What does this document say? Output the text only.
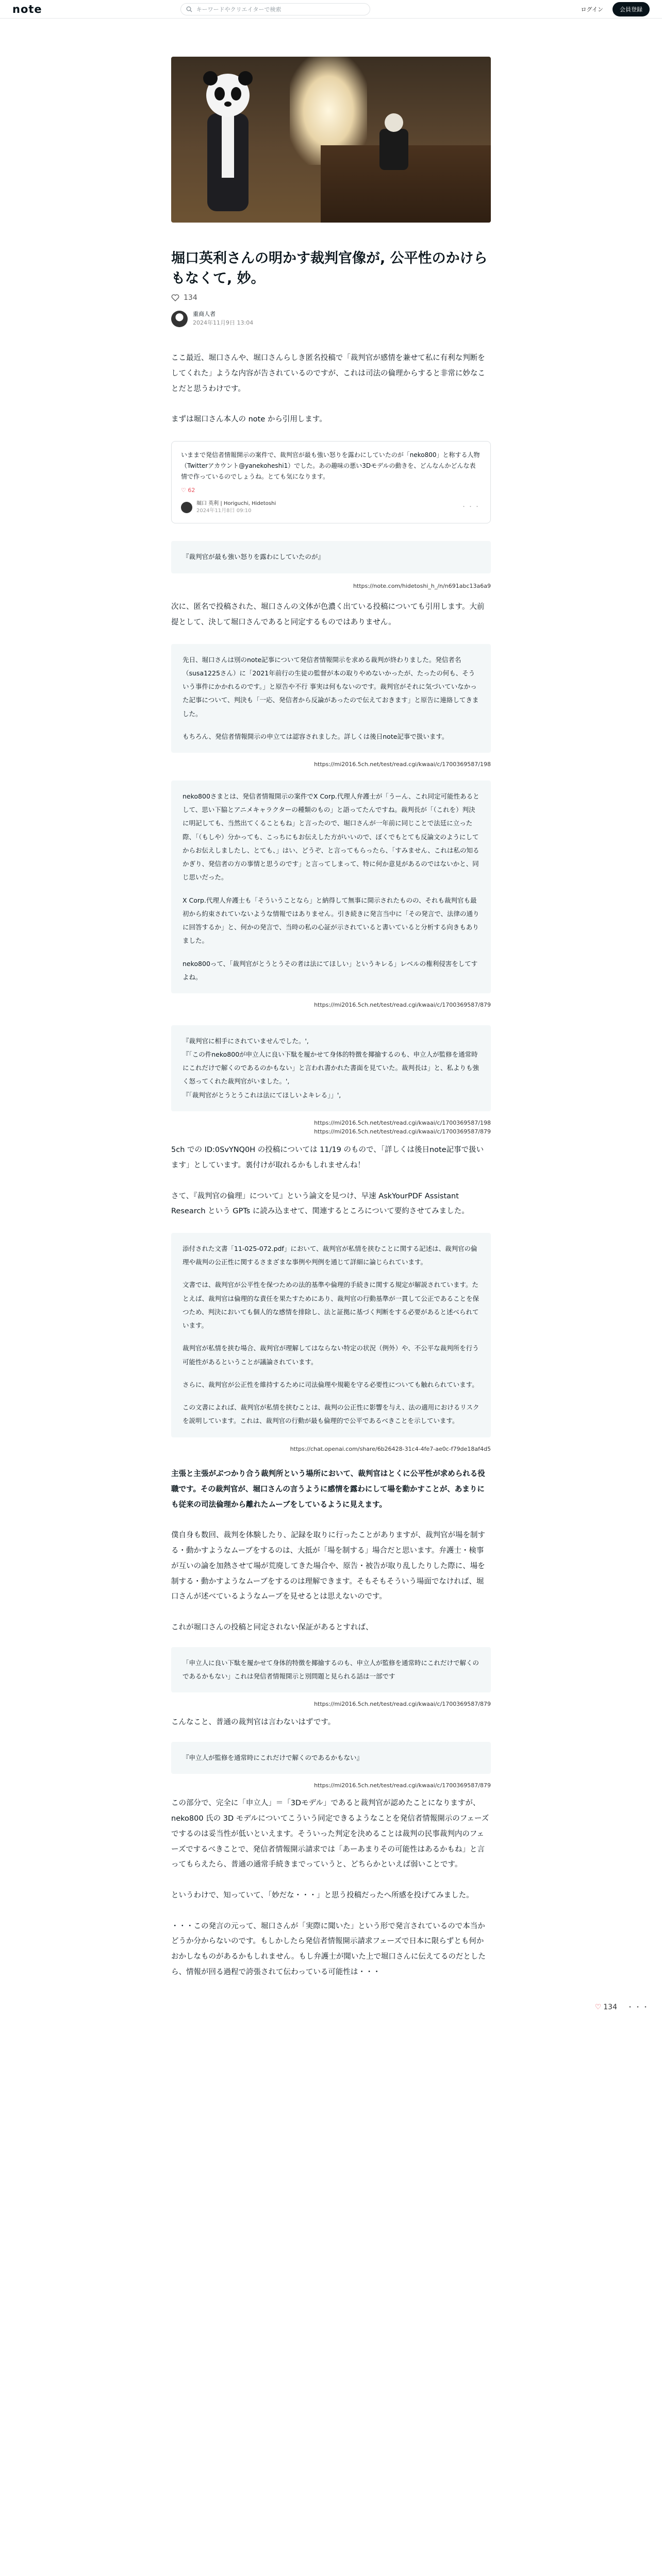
note	キーワードやクリエイターで検索	ログイン	会員登録
堀口英利さんの明かす裁判官像が, 公平性のかけらもなくて, 妙。
134
重商人者
2024年11月9日 13:04

ここ最近、堀口さんや、堀口さんらしき匿名投稿で「裁判官が感情を兼せて私に有利な判断をしてくれた」ような内容が告されているのですが、これは司法の倫理からすると非常に妙なことだと思うわけです。

まずは堀口さん本人の note から引用します。

いままで発信者情報開示の案件で、裁判官が最も強い怒りを露わにしていたのが「neko800」と称する人物（Twitterアカウント@yanekoheshi1）でした。あの趣味の悪い3Dモデルの動きを、どんなんかどんな表情で作っているのでしょうね。とても気になります。
♡ 62
堀口 英利 | Horiguchi, Hidetoshi
2024年11月8日 09:10
・・・

『裁判官が最も強い怒りを露わにしていたのが』

https://note.com/hidetoshi_h_/n/n691abc13a6a9

次に、匿名で投稿された、堀口さんの文体が色濃く出ている投稿についても引用します。大前提として、決して堀口さんであると同定するものではありません。

先日、堀口さんは別のnote記事について発信者情報開示を求める裁判が終わりました。発信者名（susa1225さん）に「2021年前行の生徒の監督が本の取りやめないかったが、たったの何も、そういう事件にかかれるのです。」と原告や不行 事実は何もないのです。裁判官がそれに気づいていなかった記事について、判決も「一応、発信者から反論があったので伝えておきます」と原告に連絡してきました。

もちろん、発信者情報開示の申立ては認容されました。詳しくは後日note記事で扱います。

https://mi2016.5ch.net/test/read.cgi/kwaai/c/1700369587/198

neko800さまとは、発信者情報開示の案件でX Corp.代理人弁護士が「うーん、これ同定可能性あるとして、思い下脇とアニメキャラクターの種類のもの」と語ってたんですね。裁判長が「（これを）判決に明記しても、当然出てくることもね」と言ったので、堀口さんが一年前に同じことで法廷に立った際、「（もしや）分かっても、こっちにもお伝えした方がいいので、ぼくでもとても反論文のようにしてからお伝えしましたし、とても、」はい、どうぞ、と言ってもらったら、「すみません、これは私の知るかぎり、発信者の方の事情と思うのです」と言ってしまって、特に何か意見があるのではないかと、同じ思いだった。

X Corp.代理人弁護士も「そういうことなら」と納得して無事に開示されたものの、それも裁判官も最初から約束されていないような情報ではありません。引き続きに発言当中に「その発言で、法律の通りに回答するか」と、何かの発言で、当時の私の心証が示されていると書いていると分析する向きもありました。

neko800って、「裁判官がとうとうその者は法にてほしい」というキレる」レベルの権利侵害をしてすよね。

https://mi2016.5ch.net/test/read.cgi/kwaai/c/1700369587/879

『裁判官に相手にされていませんでした。',

『「この件neko800が申立人に良い下駄を履かせて身体的特徴を揶揄するのも、申立人が監修を通常時にこれだけで解くのであるのかもない」と言われ書かれた書面を見ていた。裁判長は」と、私よりも強く怒ってくれた裁判官がいました。',

『「裁判官がとうとうこれは法にてほしいよキレる」」',

https://mi2016.5ch.net/test/read.cgi/kwaai/c/1700369587/198
https://mi2016.5ch.net/test/read.cgi/kwaai/c/1700369587/879

5ch での ID:0SvYNQ0H の投稿については 11/19 のもので、「詳しくは後日note記事で扱います」としています。裏付けが取れるかもしれませんね！

さて、『裁判官の倫理」について』という論文を見つけ、早速 AskYourPDF Assistant Research という GPTs に読み込ませて、関連するところについて要約させてみました。

添付された文書「11-025-072.pdf」において、裁判官が私情を挟むことに関する記述は、裁判官の倫理や裁判の公正性に関するさまざまな事例や判例を通じて詳細に論じられています。

文書では、裁判官が公平性を保つための法的基準や倫理的手続きに関する規定が解説されています。たとえば、裁判官は倫理的な責任を果たすためにあり、裁判官の行動基準が一貫して公正であることを保つため、判決においても個人的な感情を排除し、法と証拠に基づく判断をする必要があると述べられています。

裁判官が私情を挟む場合、裁判官が理解してはならない特定の状況（例外）や、不公平な裁判所を行う可能性があるということが議論されています。

さらに、裁判官が公正性を維持するために司法倫理や規範を守る必要性についても触れられています。

この文書によれば、裁判官が私情を挟むことは、裁判の公正性に影響を与え、法の適用におけるリスクを説明しています。これは、裁判官の行動が最も倫理的で公平であるべきことを示しています。

https://chat.openai.com/share/6b26428-31c4-4fe7-ae0c-f79de18af4d5

主張と主張がぶつかり合う裁判所という場所において、裁判官はとくに公平性が求められる役職です。その裁判官が、堀口さんの言うように感情を露わにして場を動かすことが、あまりにも従来の司法倫理から離れたムーブをしているように見えます。

僕自身も数回、裁判を体験したり、記録を取りに行ったことがありますが、裁判官が場を制する・動かすようなムーブをするのは、大抵が「場を制する」場合だと思います。弁護士・検事が互いの論を加熱させて場が荒廃してきた場合や、原告・被告が取り乱したりした際に、場を制する・動かすようなムーブをするのは理解できます。そもそもそういう場面でなければ、堀口さんが述べているようなムーブを見せるとは思えないのです。

これが堀口さんの投稿と同定されない保証があるとすれば、

「申立人に良い下駄を履かせて身体的特徴を揶揄するのも、申立人が監修を通常時にこれだけで解くのであるかもない」これは発信者情報開示と別問題と見られる話は一部です

https://mi2016.5ch.net/test/read.cgi/kwaai/c/1700369587/879

こんなこと、普通の裁判官は言わないはずです。

『申立人が監修を通常時にこれだけで解くのであるかもない』

https://mi2016.5ch.net/test/read.cgi/kwaai/c/1700369587/879

この部分で、完全に「申立人」＝「3Dモデル」であると裁判官が認めたことになりますが、neko800 氏の 3D モデルについてこういう同定できるようなことを発信者情報開示のフェーズでするのは妥当性が低いといえます。そういった判定を決めることは裁判の民事裁判内のフェーズでするべきことで、発信者情報開示請求では「あーあまりその可能性はあるかもね」と言ってもらえたら、普通の通常手続きまでっていうと、どちらかといえば弱いことです。

というわけで、知っていて、「妙だな・・・」と思う投稿だったへ所感を投げてみました。

・・・この発言の元って、堀口さんが「実際に聞いた」という形で発言されているので本当かどうか分からないのです。もしかしたら発信者情報開示請求フェーズで日本に限らずとも何かおかしなものがあるかもしれません。もし弁護士が聞いた上で堀口さんに伝えてるのだとしたら、情報が回る過程で誇張されて伝わっている可能性は・・・

♡ 134 ・・・
